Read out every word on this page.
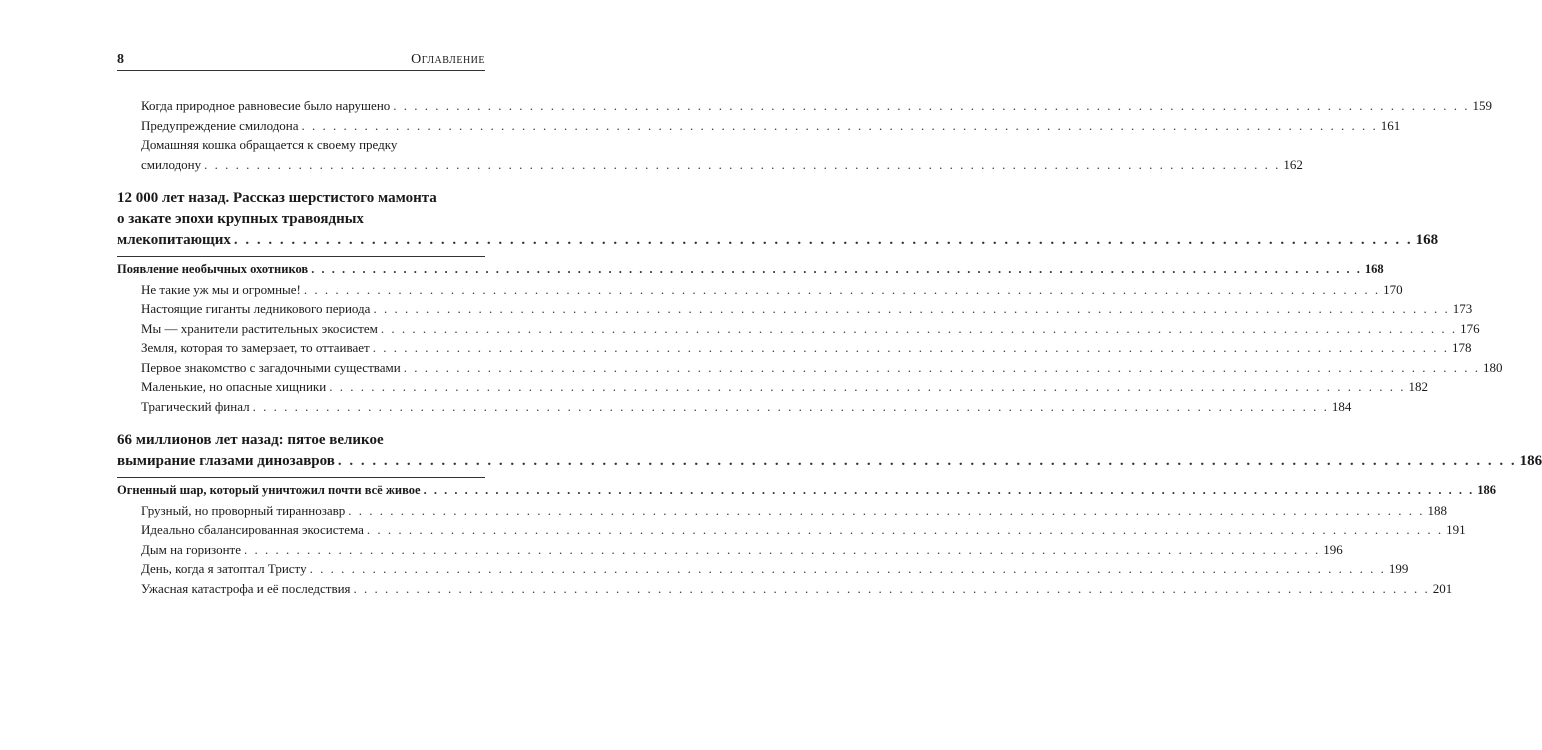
8	Оглавление
Когда природное равновесие было нарушено . . .	159
Предупреждение смилодона . . .	161
Домашняя кошка обращается к своему предку
смилодону . . .	162
12 000 лет назад. Рассказ шерстистого мамонта
о закате эпохи крупных травоядных
млекопитающих . . .	168
Появление необычных охотников . . .	168
Не такие уж мы и огромные! . . .	170
Настоящие гиганты ледникового периода . . .	173
Мы — хранители растительных экосистем . . .	176
Земля, которая то замерзает, то оттаивает . . .	178
Первое знакомство с загадочными существами . . .	180
Маленькие, но опасные хищники . . .	182
Трагический финал . . .	184
66 миллионов лет назад: пятое великое
вымирание глазами динозавров . . .	186
Огненный шар, который уничтожил почти всё живое . . .	186
Грузный, но проворный тираннозавр . . .	188
Идеально сбалансированная экосистема . . .	191
Дым на горизонте . . .	196
День, когда я затоптал Тристу . . .	199
Ужасная катастрофа и её последствия . . .	201
